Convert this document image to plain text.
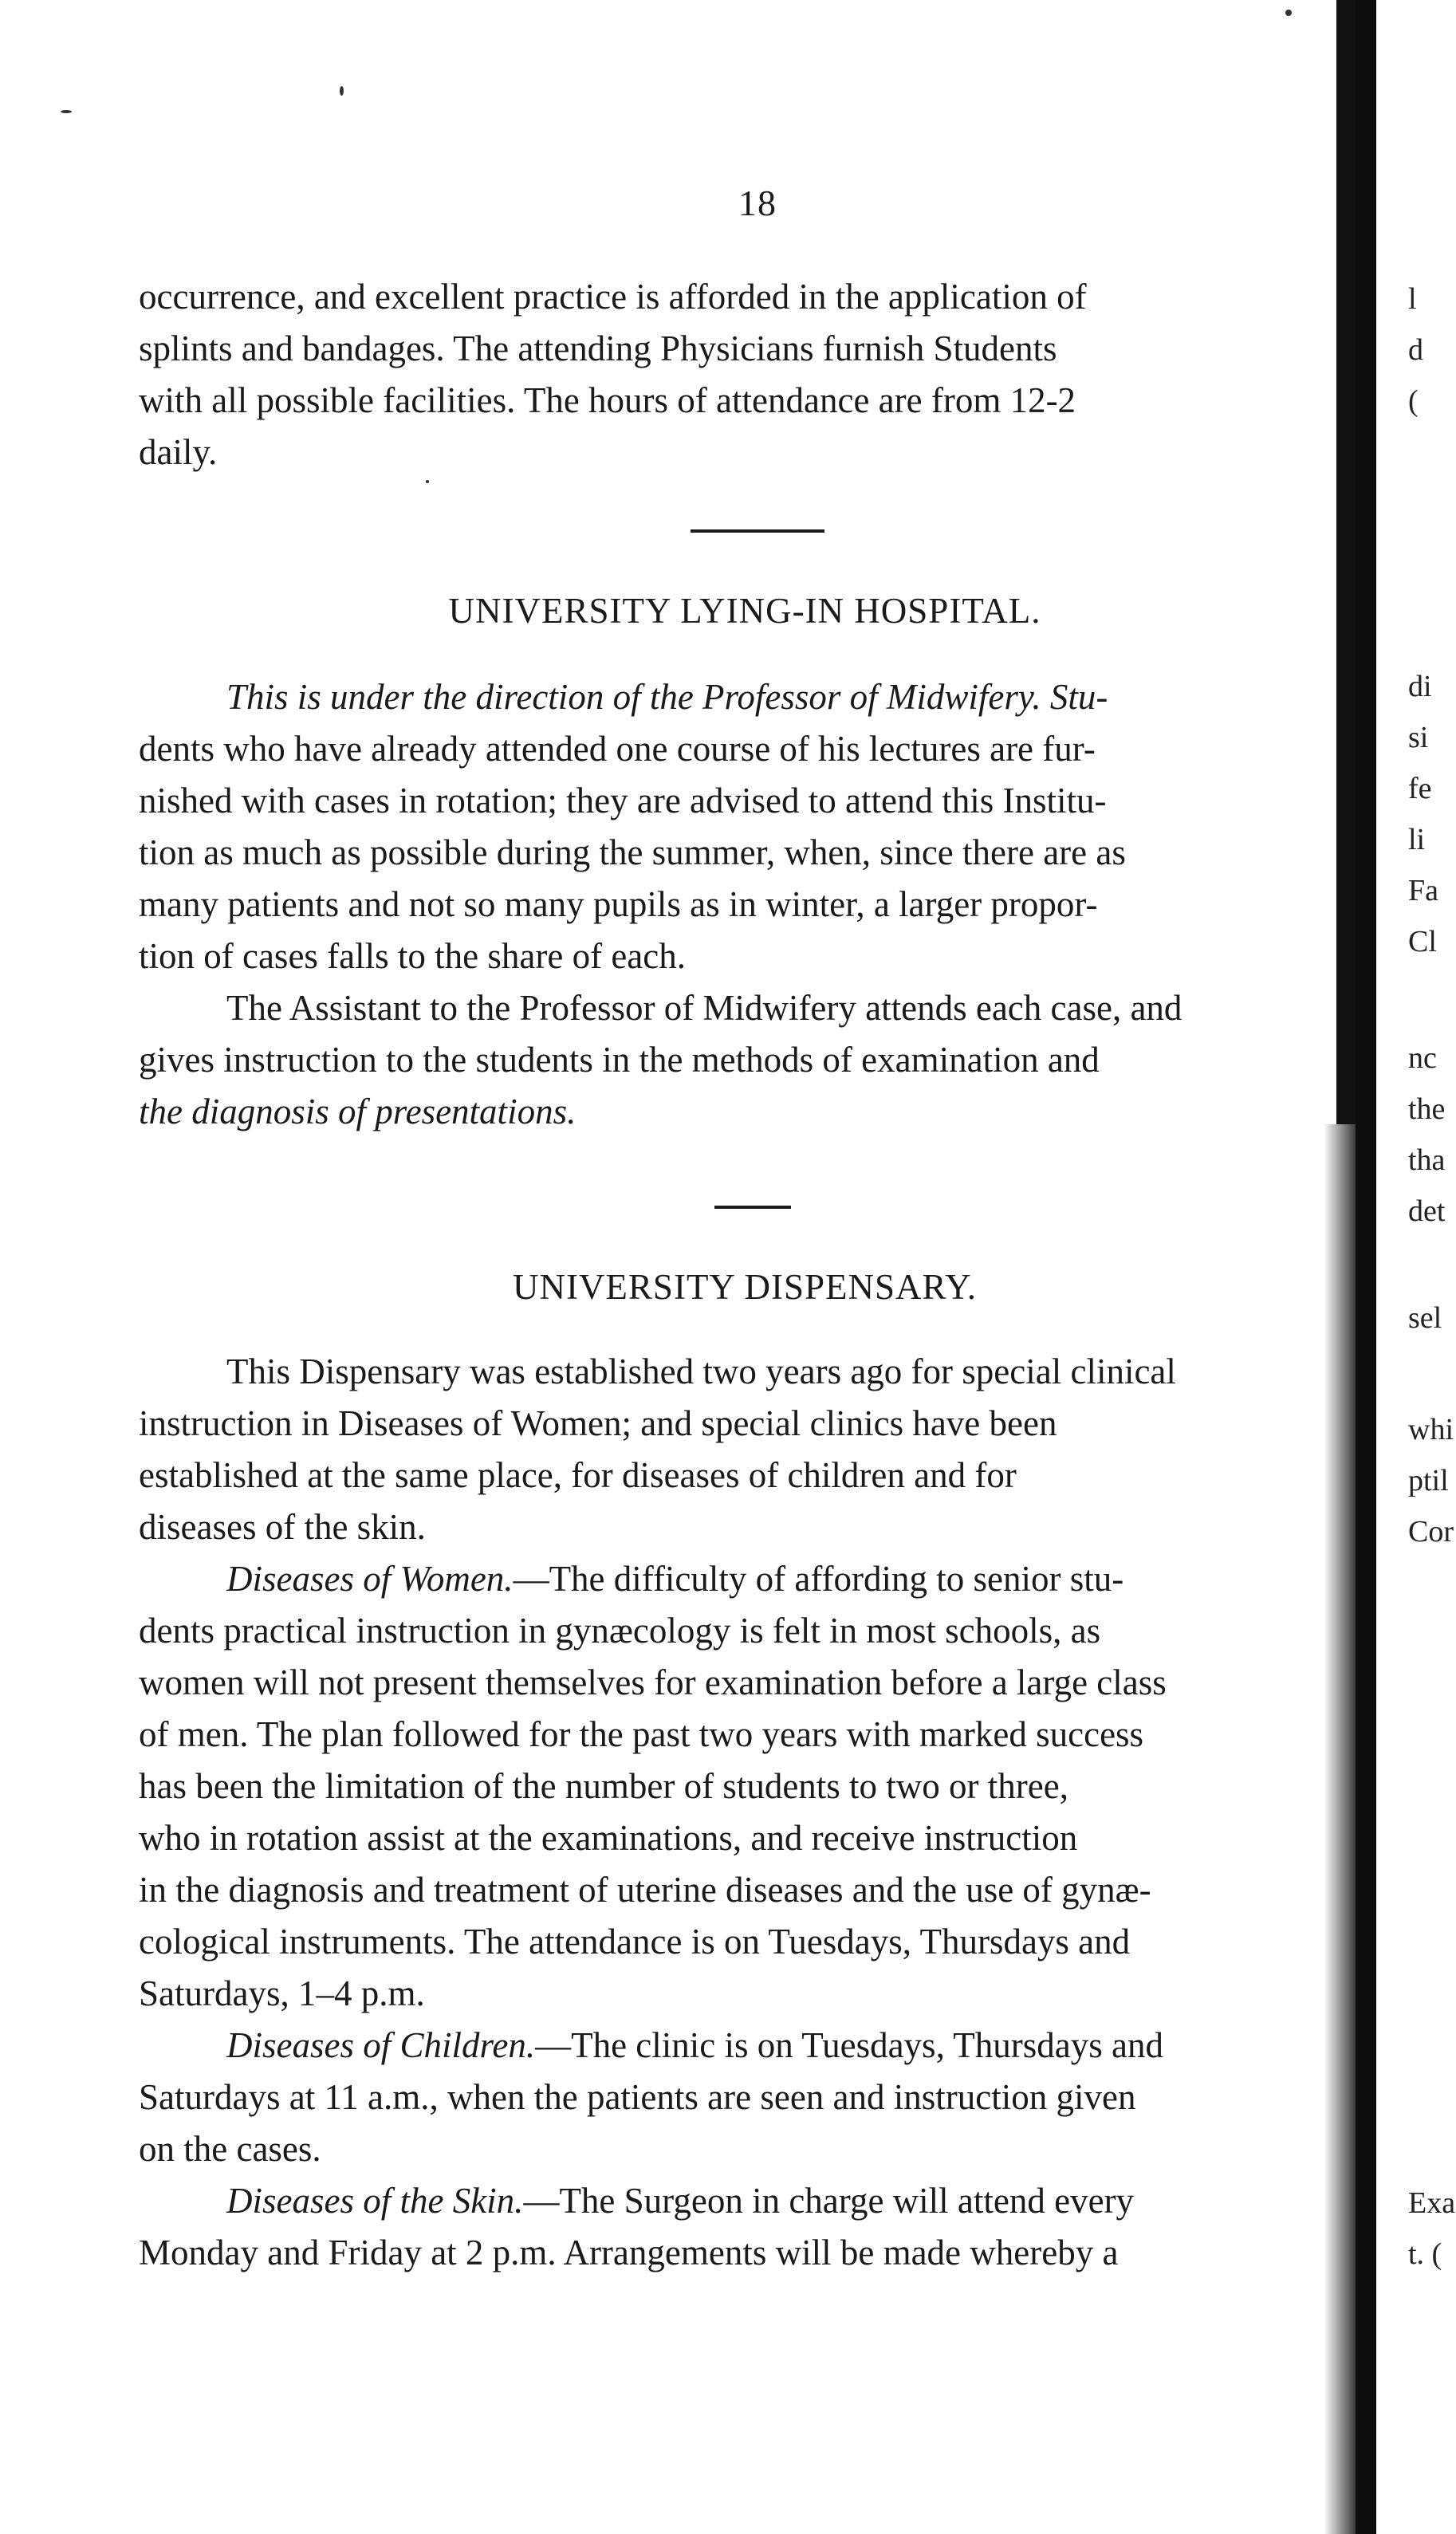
18
occurrence, and excellent practice is afforded in the application of
splints and bandages. The attending Physicians furnish Students
with all possible facilities. The hours of attendance are from 12-2
daily.
UNIVERSITY LYING-IN HOSPITAL.
This is under the direction of the Professor of Midwifery. Stu-
dents who have already attended one course of his lectures are fur-
nished with cases in rotation; they are advised to attend this Institu-
tion as much as possible during the summer, when, since there are as
many patients and not so many pupils as in winter, a larger propor-
tion of cases falls to the share of each.
The Assistant to the Professor of Midwifery attends each case, and
gives instruction to the students in the methods of examination and
the diagnosis of presentations.
UNIVERSITY DISPENSARY.
This Dispensary was established two years ago for special clinical
instruction in Diseases of Women; and special clinics have been
established at the same place, for diseases of children and for
diseases of the skin.
Diseases of Women.—The difficulty of affording to senior stu-
dents practical instruction in gynæcology is felt in most schools, as
women will not present themselves for examination before a large class
of men. The plan followed for the past two years with marked success
has been the limitation of the number of students to two or three,
who in rotation assist at the examinations, and receive instruction
in the diagnosis and treatment of uterine diseases and the use of gynæ-
cological instruments. The attendance is on Tuesdays, Thursdays and
Saturdays, 1–4 p.m.
Diseases of Children.—The clinic is on Tuesdays, Thursdays and
Saturdays at 11 a.m., when the patients are seen and instruction given
on the cases.
Diseases of the Skin.—The Surgeon in charge will attend every
Monday and Friday at 2 p.m. Arrangements will be made whereby a
l
d
(
di
si
fe
li
Fa
Cl
nc
the
tha
det
sel
whi
ptil
Cor
Exa
t. (
